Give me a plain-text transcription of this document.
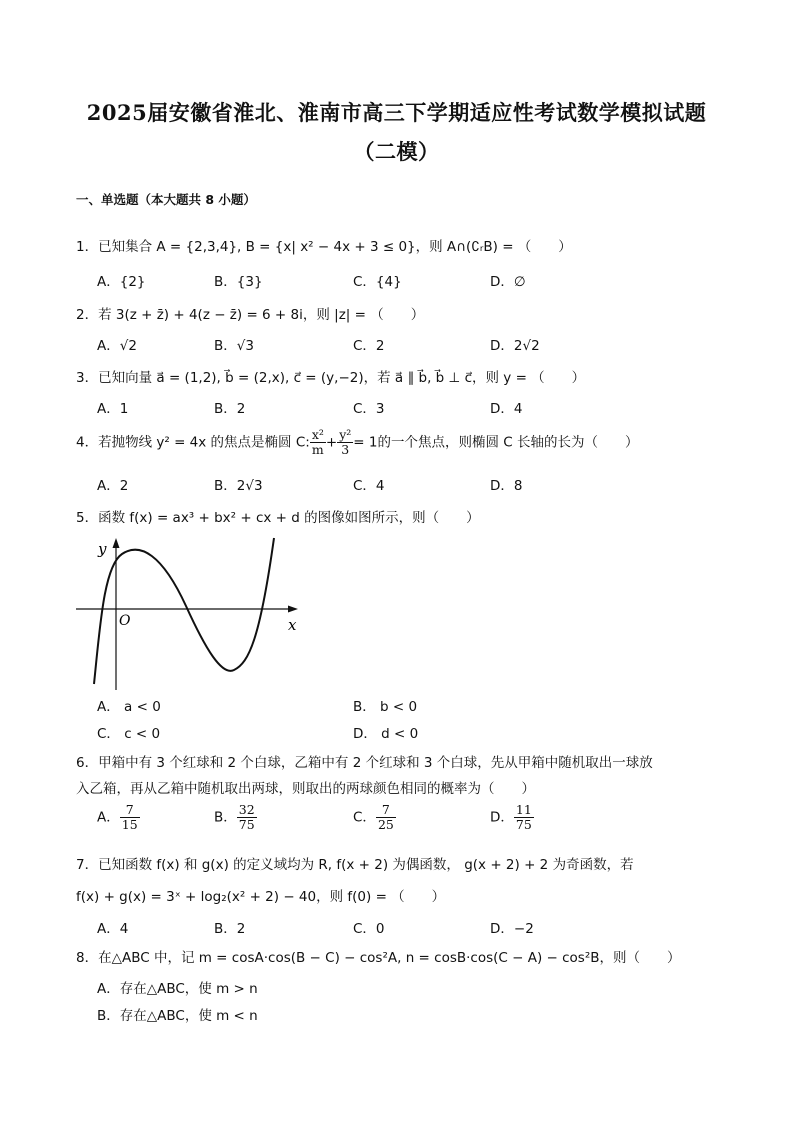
2025届安徽省淮北、淮南市高三下学期适应性考试数学模拟试题
（二模）
一、单选题（本大题共 8 小题）
1．已知集合 A = {2,3,4}, B = {x| x² − 4x + 3 ≤ 0}，则 A∩(∁ᵣB) = （　　）
A．{2}	B．{3}	C．{4}	D．∅
2．若 3(z + z̄) + 4(z − z̄) = 6 + 8i，则 |z| = （　　）
A．√2	B．√3	C．2	D．2√2
3．已知向量 a⃗ = (1,2), b⃗ = (2,x), c⃗ = (y,−2)，若 a⃗ ∥ b⃗, b⃗ ⊥ c⃗，则 y = （　　）
A．1	B．2	C．3	D．4
4．若抛物线 y² = 4x 的焦点是椭圆 C: $\frac{\text{x²}}{m} + \frac{\text{y²}}{3} = 1$的一个焦点，则椭圆 C 长轴的长为（　　）
A．2	B．2√3	C．4	D．8
5．函数 f(x) = ax³ + bx² + cx + d 的图像如图所示，则（　　）
y
x
O
A． a < 0	B． b < 0
C． c < 0	D． d < 0
6．甲箱中有 3 个红球和 2 个白球，乙箱中有 2 个红球和 3 个白球，先从甲箱中随机取出一球放
入乙箱，再从乙箱中随机取出两球，则取出的两球颜色相同的概率为（　　）
A． $\frac{7}{15}$	B． $\frac{32}{75}$	C． $\frac{7}{25}$	D． $\frac{11}{75}$
7．已知函数 f(x) 和 g(x) 的定义域均为 R, f(x + 2) 为偶函数， g(x + 2) + 2 为奇函数，若
f(x) + g(x) = 3ˣ + log₂(x² + 2) − 40，则 f(0) = （　　）
A．4	B．2	C．0	D．−2
8．在△ABC 中，记 m = cosA·cos(B − C) − cos²A, n = cosB·cos(C − A) − cos²B，则（　　）
A．存在△ABC，使 m > n
B．存在△ABC，使 m < n
